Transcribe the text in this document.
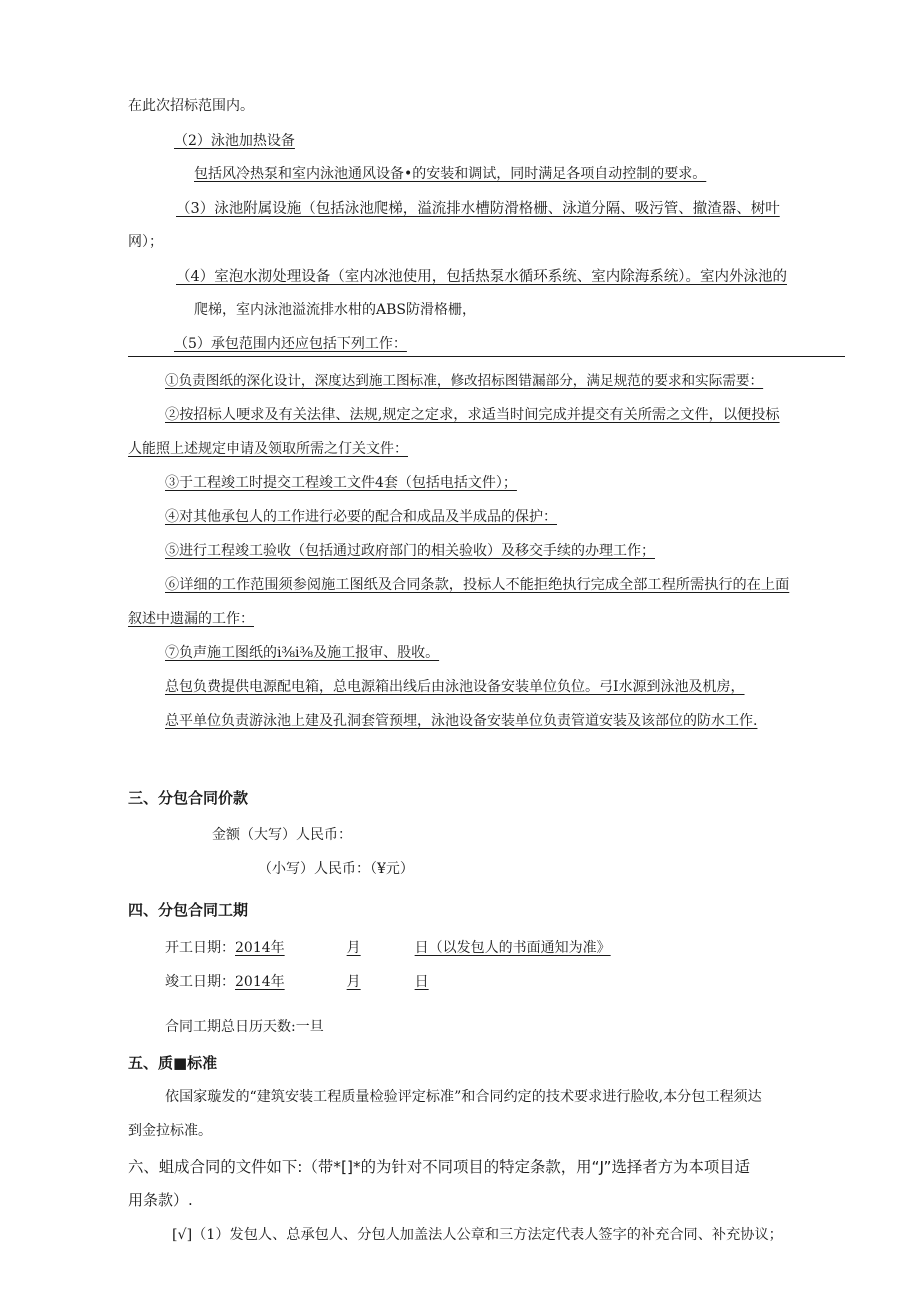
在此次招标范围内。
（2）泳池加热设备
包括风冷热泵和室内泳池通风设备•的安装和调试，同时满足各项自动控制的要求。
（3）泳池附属设施（包括泳池爬梯，溢流排水槽防滑格栅、泳道分隔、吸污管、撤渣器、树叶
网）；
（4）室泡水沏处理设备（室内冰池使用，包括热泵水循环系统、室内除海系统）。室内外泳池的
爬梯，室内泳池溢流排水柑的ABS防滑格栅，
（5）承包范围内还应包括下列工作：
①负责图纸的深化设计，深度达到施工图标准，修改招标图错漏部分，满足规范的要求和实际需要：
②按招标人哽求及有关法律、法规,规定之定求，求适当时间完成并提交有关所需之文件，以便投标
人能照上述规定申请及领取所需之仃关文件：
③于工程竣工时提交工程竣工文件4套（包括电括文件）；
④对其他承包人的工作进行必要的配合和成品及半成品的保护：
⑤进行工程竣工验收（包括通过政府部门的相关验收）及移交手续的办理工作；
⑥详细的工作范围须参阅施工图纸及合同条款，投标人不能拒绝执行完成全部工程所需执行的在上面
叙述中遗漏的工作：
⑦负声施工图纸的i⅜i⅜及施工报审、股收。
总包负费提供电源配电箱，总电源箱出线后由泳池设备安装单位负位。弓I水源到泳池及机房，
总平单位负责游泳池上建及孔洞套管预埋，泳池设备安装单位负责管道安装及该部位的防水工作.
三、分包合同价款
金额（大写）人民币：
（小写）人民币：（¥元）
四、分包合同工期
开工日期：2014年	月	日（以发包人的书面通知为准》
竣工日期：2014年	月	日
合同工期总日历天数:一旦
五、质■标准
依国家璇发的“建筑安装工程质量检验评定标准”和合同约定的技术要求进行脸收,本分包工程须达
到金拉标准。
六、蛆成合同的文件如下:（带*[]*的为针对不同项目的特定条款，用“J”选择者方为本项目适
用条款）.
[√]（1）发包人、总承包人、分包人加盖法人公章和三方法定代表人签字的补充合同、补充协议；
